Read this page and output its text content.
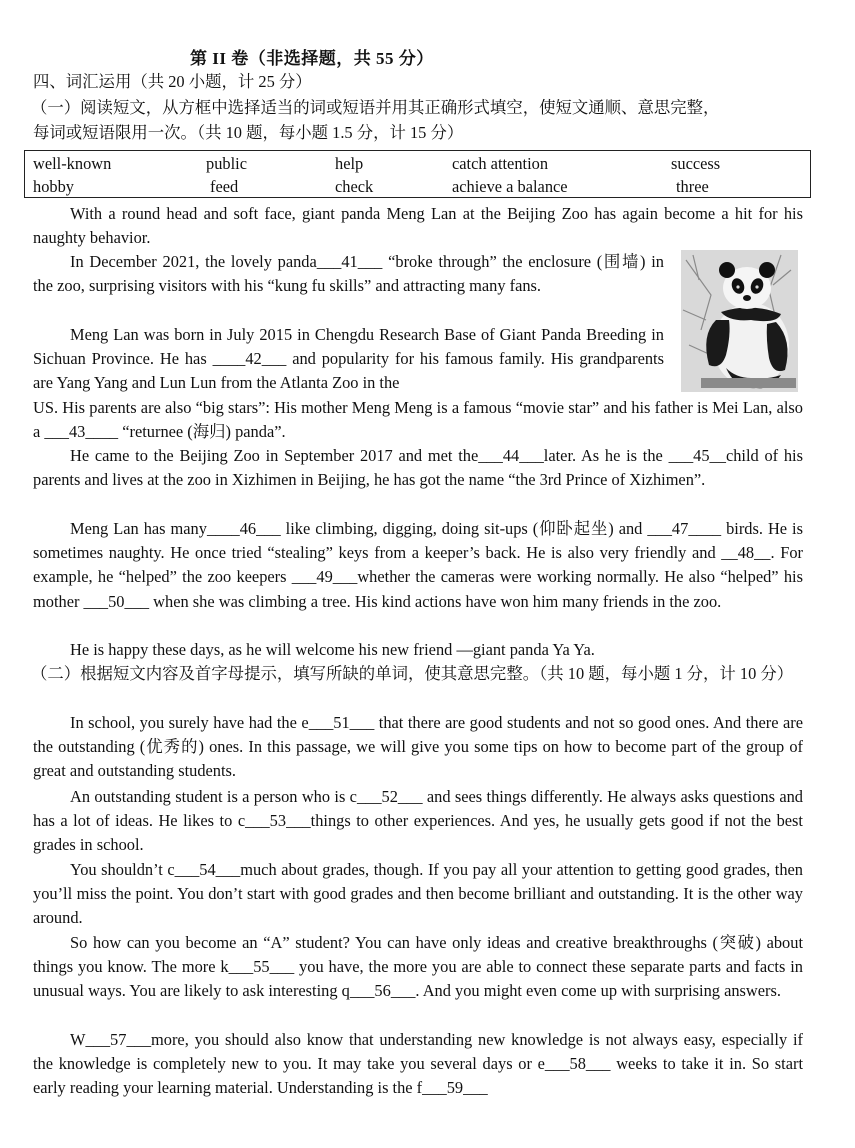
第 II 卷（非选择题，共 55 分）
四、词汇运用（共 20 小题，计 25 分）
（一）阅读短文，从方框中选择适当的词或短语并用其正确形式填空，使短文通顺、意思完整，
每词或短语限用一次。（共 10 题，每小题 1.5 分，计 15 分）
well-known	public	help	catch attention	success
hobby	feed	check	achieve a balance	three
With a round head and soft face, giant panda Meng Lan at the Beijing Zoo has again become a hit for his naughty behavior.
In December 2021, the lovely panda___41___ “broke through” the enclosure (围墙) in the zoo, surprising visitors with his “kung fu skills” and attracting many fans.
Meng Lan was born in July 2015 in Chengdu Research Base of Giant Panda Breeding in Sichuan Province. He has ____42___ and popularity for his famous family. His grandparents are Yang Yang and Lun Lun from the Atlanta Zoo in the
US. His parents are also “big stars”: His mother Meng Meng is a famous “movie star” and his father is Mei Lan, also a ___43____ “returnee (海归) panda”.
He came to the Beijing Zoo in September 2017 and met the___44___later. As he is the ___45__child of his parents and lives at the zoo in Xizhimen in Beijing, he has got the name “the 3rd Prince of Xizhimen”.
Meng Lan has many____46___ like climbing, digging, doing sit-ups (仰卧起坐) and ___47____ birds. He is sometimes naughty. He once tried “stealing” keys from a keeper’s back. He is also very friendly and __48__. For example, he “helped” the zoo keepers ___49___whether the cameras were working normally. He also “helped” his mother ___50___ when she was climbing a tree. His kind actions have won him many friends in the zoo.
He is happy these days, as he will welcome his new friend —giant panda Ya Ya.
（二）根据短文内容及首字母提示，填写所缺的单词，使其意思完整。（共 10 题，每小题 1 分，计 10 分）
In school, you surely have had the e___51___ that there are good students and not so good ones. And there are the outstanding (优秀的) ones. In this passage, we will give you some tips on how to become part of the group of great and outstanding students.
An outstanding student is a person who is c___52___ and sees things differently. He always asks questions and has a lot of ideas. He likes to c___53___things to other experiences. And yes, he usually gets good if not the best grades in school.
You shouldn’t c___54___much about grades, though. If you pay all your attention to getting good grades, then you’ll miss the point. You don’t start with good grades and then become brilliant and outstanding. It is the other way around.
So how can you become an “A” student? You can have only ideas and creative breakthroughs (突破) about things you know. The more k___55___ you have, the more you are able to connect these separate parts and facts in unusual ways. You are likely to ask interesting q___56___. And you might even come up with surprising answers.
W___57___more, you should also know that understanding new knowledge is not always easy, especially if the knowledge is completely new to you. It may take you several days or e___58___ weeks to take it in. So start early reading your learning material. Understanding is the f___59___
